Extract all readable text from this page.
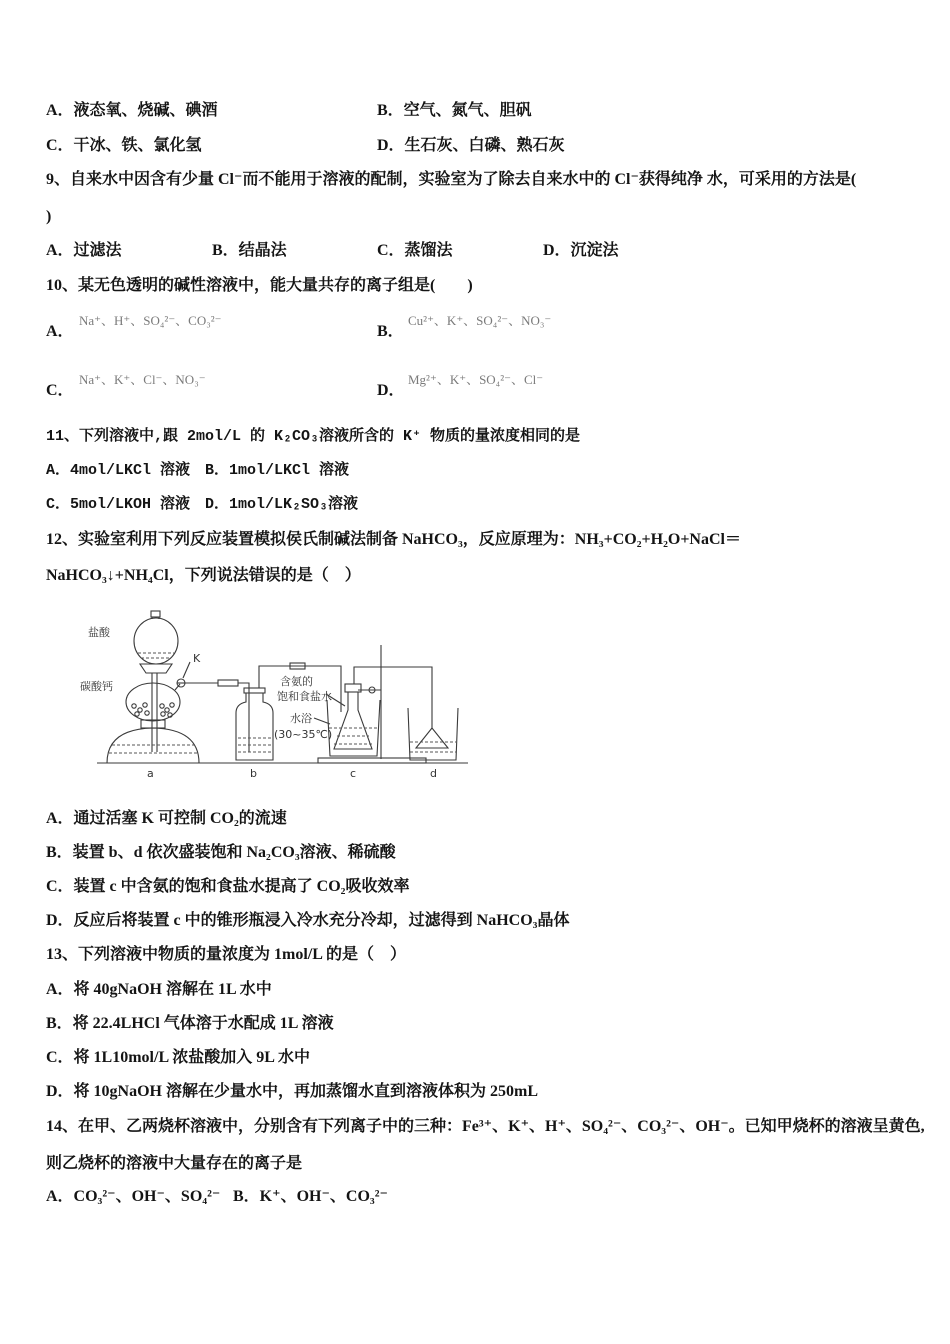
A．液态氧、烧碱、碘酒	B．空气、氮气、胆矾
C．干冰、铁、氯化氢	D．生石灰、白磷、熟石灰
9、自来水中因含有少量 Cl⁻而不能用于溶液的配制，实验室为了除去自来水中的 Cl⁻获得纯净 水，可采用的方法是(
)
A．过滤法	B．结晶法	C．蒸馏法	D．沉淀法
10、某无色透明的碱性溶液中，能大量共存的离子组是(　　)
A．
Na⁺、H⁺、SO₄²⁻、CO₃²⁻
B．
Cu²⁺、K⁺、SO₄²⁻、NO₃⁻
C．
Na⁺、K⁺、Cl⁻、NO₃⁻
D．
Mg²⁺、K⁺、SO₄²⁻、Cl⁻
11、下列溶液中,跟 2mol/L 的 K₂CO₃溶液所含的 K⁺ 物质的量浓度相同的是
A．4mol/LKCl 溶液 B．1mol/LKCl 溶液
C．5mol/LKOH 溶液 D．1mol/LK₂SO₃溶液
12、实验室利用下列反应装置模拟侯氏制碱法制备 NaHCO₃，反应原理为：NH₃+CO₂+H₂O+NaCl＝
NaHCO₃↓+NH₄Cl，下列说法错误的是（　）
盐酸
K
碳酸钙	含氨的
饱和食盐水
水浴
(30~35℃)
a	b	c	d
A．通过活塞 K 可控制 CO₂的流速
B．装置 b、d 依次盛装饱和 Na₂CO₃溶液、稀硫酸
C．装置 c 中含氨的饱和食盐水提高了 CO₂吸收效率
D．反应后将装置 c 中的锥形瓶浸入冷水充分冷却，过滤得到 NaHCO₃晶体
13、下列溶液中物质的量浓度为 1mol/L 的是（　）
A．将 40gNaOH 溶解在 1L 水中
B．将 22.4LHCl 气体溶于水配成 1L 溶液
C．将 1L10mol/L 浓盐酸加入 9L 水中
D．将 10gNaOH 溶解在少量水中，再加蒸馏水直到溶液体积为 250mL
14、在甲、乙两烧杯溶液中，分别含有下列离子中的三种：Fe³⁺、K⁺、H⁺、SO₄²⁻、CO₃²⁻、OH⁻。已知甲烧杯的溶液呈黄色,
则乙烧杯的溶液中大量存在的离子是
A．CO₃²⁻、OH⁻、SO₄²⁻ B．K⁺、OH⁻、CO₃²⁻
